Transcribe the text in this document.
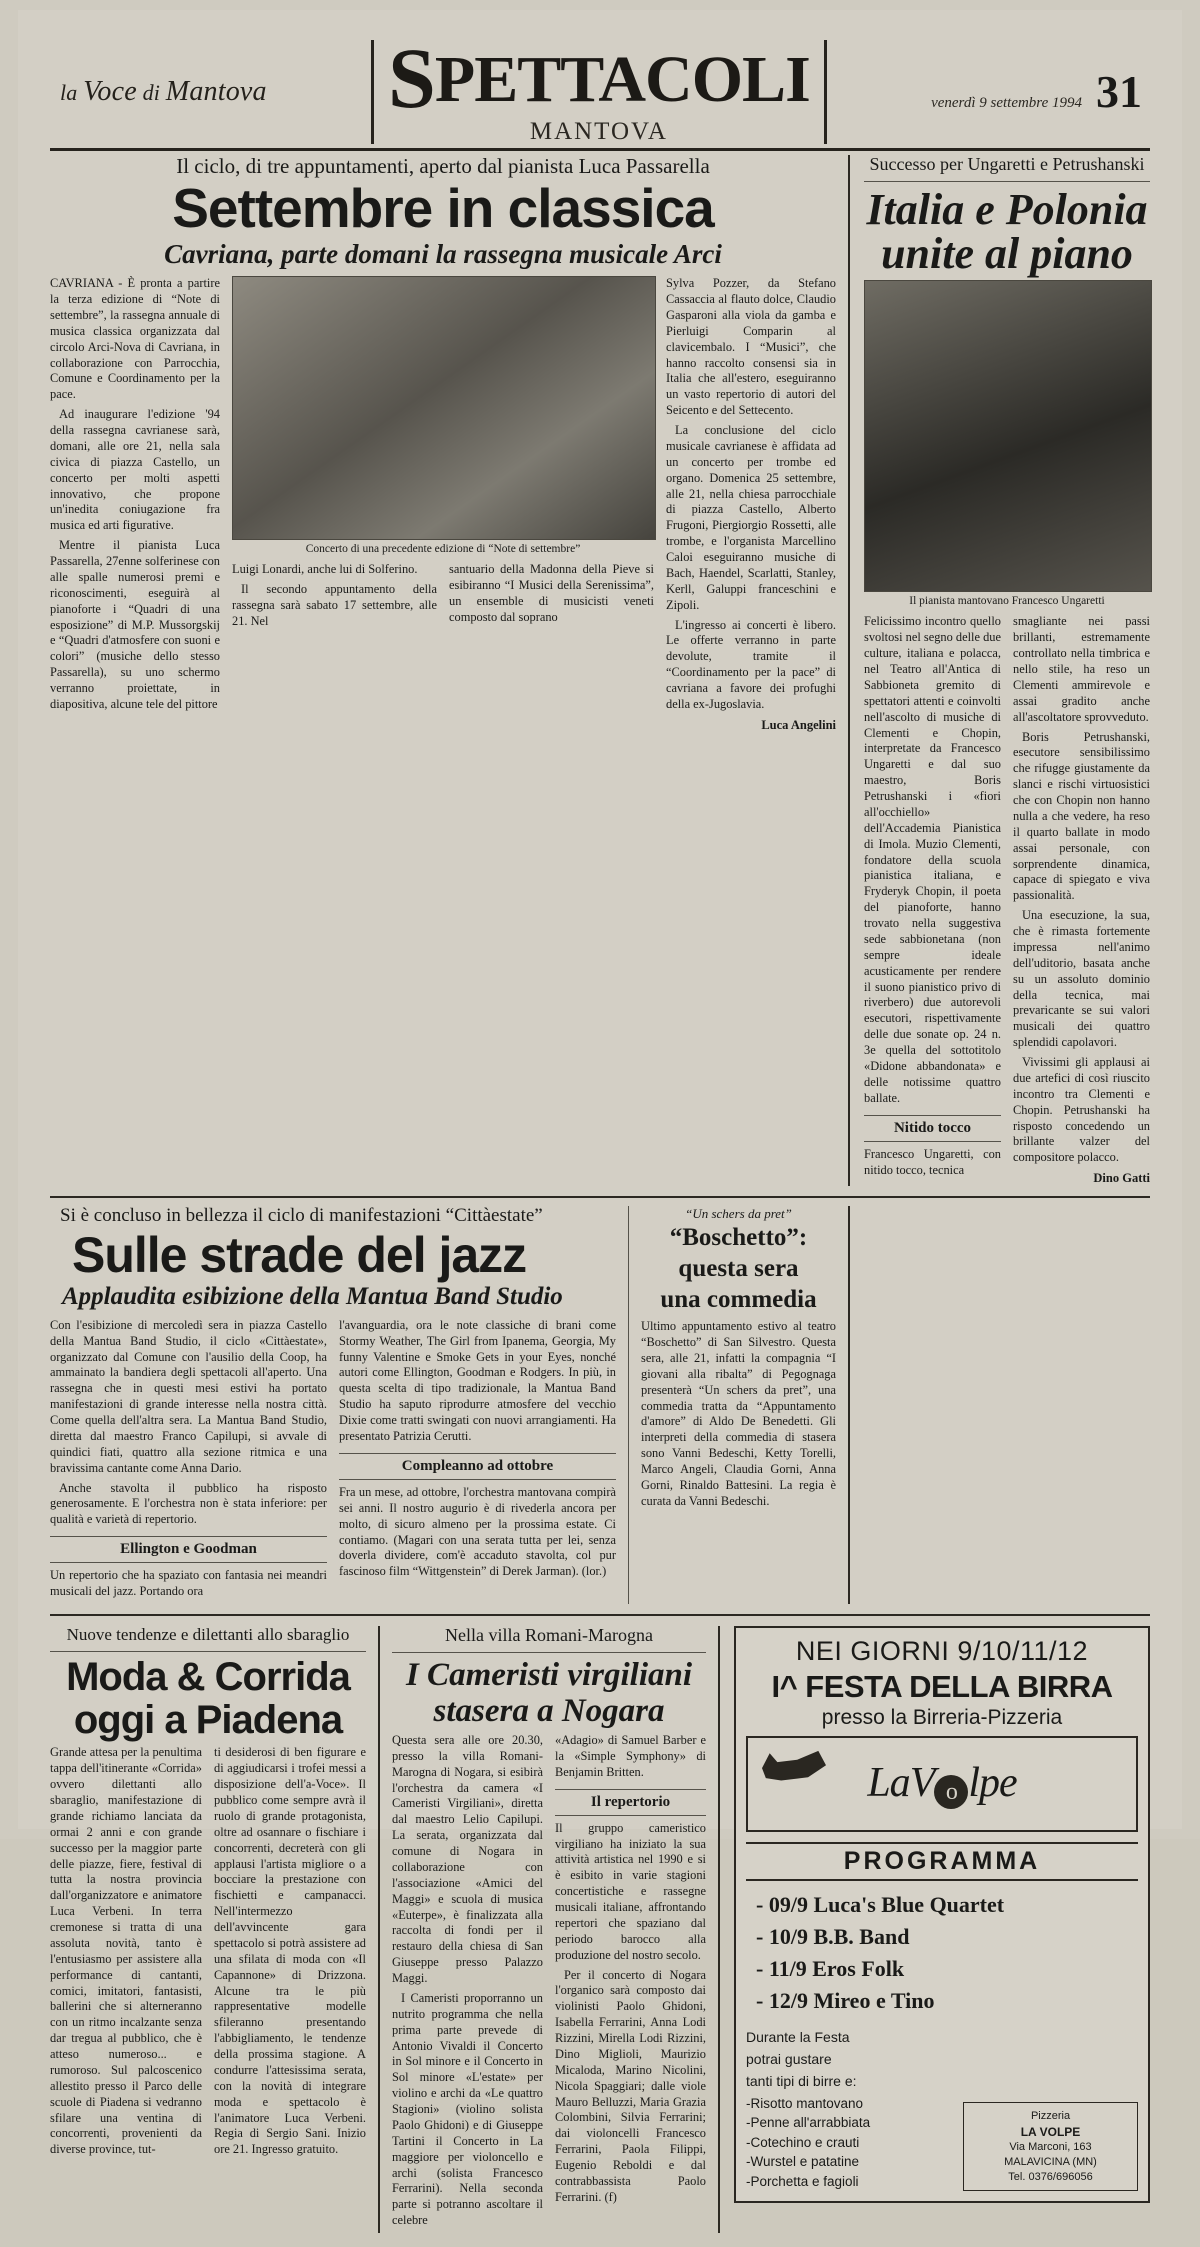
la Voce di Mantova SPETTACOLI
MANTOVA
venerdì 9 settembre 1994 31
Il ciclo, di tre appuntamenti, aperto dal pianista Luca Passarella
Settembre in classica
Cavriana, parte domani la rassegna musicale Arci

CAVRIANA - È pronta a partire la terza edizione di “Note di settembre”, la rassegna annuale di musica classica organizzata dal circolo Arci-Nova di Cavriana, in collaborazione con Parrocchia, Comune e Coordinamento per la pace.

Ad inaugurare l'edizione '94 della rassegna cavrianese sarà, domani, alle ore 21, nella sala civica di piazza Castello, un concerto per molti aspetti innovativo, che propone un'inedita coniugazione fra musica ed arti figurative.

Mentre il pianista Luca Passarella, 27enne solferinese con alle spalle numerosi premi e riconoscimenti, eseguirà al pianoforte i “Quadri di una esposizione” di M.P. Mussorgskij e “Quadri d'atmosfere con suoni e colori” (musiche dello stesso Passarella), su uno schermo verranno proiettate, in diapositiva, alcune tele del pittore

Concerto di una precedente edizione di “Note di settembre”

Luigi Lonardi, anche lui di Solferino.

Il secondo appuntamento della rassegna sarà sabato 17 settembre, alle 21. Nel

santuario della Madonna della Pieve si esibiranno “I Musici della Serenissima”, un ensemble di musicisti veneti composto dal soprano

Sylva Pozzer, da Stefano Cassaccia al flauto dolce, Claudio Gasparoni alla viola da gamba e Pierluigi Comparin al clavicembalo. I “Musici”, che hanno raccolto consensi sia in Italia che all'estero, eseguiranno un vasto repertorio di autori del Seicento e del Settecento.

La conclusione del ciclo musicale cavrianese è affidata ad un concerto per trombe ed organo. Domenica 25 settembre, alle 21, nella chiesa parrocchiale di piazza Castello, Alberto Frugoni, Piergiorgio Rossetti, alle trombe, e l'organista Marcellino Caloi eseguiranno musiche di Bach, Haendel, Scarlatti, Stanley, Kerll, Galuppi franceschini e Zipoli.

L'ingresso ai concerti è libero. Le offerte verranno in parte devolute, tramite il “Coordinamento per la pace” di cavriana a favore dei profughi della ex-Jugoslavia.

Luca Angelini
Successo per Ungaretti e Petrushanski
Italia e Polonia
unite al piano
Il pianista mantovano Francesco Ungaretti

Felicissimo incontro quello svoltosi nel segno delle due culture, italiana e polacca, nel Teatro all'Antica di Sabbioneta gremito di spettatori attenti e coinvolti nell'ascolto di musiche di Clementi e Chopin, interpretate da Francesco Ungaretti e dal suo maestro, Boris Petrushanski i «fiori all'occhiello» dell'Accademia Pianistica di Imola. Muzio Clementi, fondatore della scuola pianistica italiana, e Fryderyk Chopin, il poeta del pianoforte, hanno trovato nella suggestiva sede sabbionetana (non sempre ideale acusticamente per rendere il suono pianistico privo di riverbero) due autorevoli esecutori, rispettivamente delle due sonate op. 24 n. 3e quella del sottotitolo «Didone abbandonata» e delle notissime quattro ballate.

Nitido tocco

Francesco Ungaretti, con nitido tocco, tecnica

smagliante nei passi brillanti, estremamente controllato nella timbrica e nello stile, ha reso un Clementi ammirevole e assai gradito anche all'ascoltatore sprovveduto.

Boris Petrushanski, esecutore sensibilissimo che rifugge giustamente da slanci e rischi virtuosistici che con Chopin non hanno nulla a che vedere, ha reso il quarto ballate in modo assai personale, con sorprendente dinamica, capace di spiegato e viva passionalità.

Una esecuzione, la sua, che è rimasta fortemente impressa nell'animo dell'uditorio, basata anche su un assoluto dominio della tecnica, mai prevaricante se sui valori musicali dei quattro splendidi capolavori.

Vivissimi gli applausi ai due artefici di così riuscito incontro tra Clementi e Chopin. Petrushanski ha risposto concedendo un brillante valzer del compositore polacco.

Dino Gatti
Si è concluso in bellezza il ciclo di manifestazioni “Cittàestate”
Sulle strade del jazz
Applaudita esibizione della Mantua Band Studio

Con l'esibizione di mercoledì sera in piazza Castello della Mantua Band Studio, il ciclo «Cittàestate», organizzato dal Comune con l'ausilio della Coop, ha ammainato la bandiera degli spettacoli all'aperto. Una rassegna che in questi mesi estivi ha portato manifestazioni di grande interesse nella nostra città. Come quella dell'altra sera. La Mantua Band Studio, diretta dal maestro Franco Capilupi, si avvale di quindici fiati, quattro alla sezione ritmica e una bravissima cantante come Anna Dario.

Anche stavolta il pubblico ha risposto generosamente. E l'orchestra non è stata inferiore: per qualità e varietà di repertorio.

Ellington e Goodman

Un repertorio che ha spaziato con fantasia nei meandri musicali del jazz. Portando ora

l'avanguardia, ora le note classiche di brani come Stormy Weather, The Girl from Ipanema, Georgia, My funny Valentine e Smoke Gets in your Eyes, nonché autori come Ellington, Goodman e Rodgers. In più, in questa scelta di tipo tradizionale, la Mantua Band Studio ha saputo riprodurre atmosfere del vecchio Dixie come tratti swingati con nuovi arrangiamenti. Ha presentato Patrizia Cerutti.

Compleanno ad ottobre

Fra un mese, ad ottobre, l'orchestra mantovana compirà sei anni. Il nostro augurio è di rivederla ancora per molto, di sicuro almeno per la prossima estate. Ci contiamo. (Magari con una serata tutta per lei, senza doverla dividere, com'è accaduto stavolta, col pur fascinoso film “Wittgenstein” di Derek Jarman). (lor.)

“Un schers da pret”
“Boschetto”:
questa sera
una commedia

Ultimo appuntamento estivo al teatro “Boschetto” di San Silvestro. Questa sera, alle 21, infatti la compagnia “I giovani alla ribalta” di Pegognaga presenterà “Un schers da pret”, una commedia tratta da “Appuntamento d'amore” di Aldo De Benedetti. Gli interpreti della commedia di stasera sono Vanni Bedeschi, Ketty Torelli, Marco Angeli, Claudia Gorni, Anna Gorni, Rinaldo Battesini. La regia è curata da Vanni Bedeschi.

Nuove tendenze e dilettanti allo sbaraglio
Moda & Corrida
oggi a Piadena

Grande attesa per la penultima tappa dell'itinerante «Corrida» ovvero dilettanti allo sbaraglio, manifestazione di grande richiamo lanciata da ormai 2 anni e con grande successo per la maggior parte delle piazze, fiere, festival di tutta la nostra provincia dall'organizzatore e animatore Luca Verbeni. In terra cremonese si tratta di una assoluta novità, tanto è l'entusiasmo per assistere alla performance di cantanti, comici, imitatori, fantasisti, ballerini che si alterneranno con un ritmo incalzante senza dar tregua al pubblico, che è atteso numeroso... e rumoroso. Sul palcoscenico allestito presso il Parco delle scuole di Piadena si vedranno sfilare una ventina di concorrenti, provenienti da diverse province, tut-

ti desiderosi di ben figurare e di aggiudicarsi i trofei messi a disposizione dell'a-Voce». Il pubblico come sempre avrà il ruolo di grande protagonista, oltre ad osannare o fischiare i concorrenti, decreterà con gli applausi l'artista migliore o a bocciare la prestazione con fischietti e campanacci. Nell'intermezzo dell'avvincente gara spettacolo si potrà assistere ad una sfilata di moda con «Il Capannone» di Drizzona. Alcune tra le più rappresentative modelle sfileranno presentando l'abbigliamento, le tendenze della prossima stagione. A condurre l'attesissima serata, con la novità di integrare moda e spettacolo è l'animatore Luca Verbeni. Regia di Sergio Sani. Inizio ore 21. Ingresso gratuito.

Nella villa Romani-Marogna
I Cameristi virgiliani
stasera a Nogara

Questa sera alle ore 20.30, presso la villa Romani-Marogna di Nogara, si esibirà l'orchestra da camera «I Cameristi Virgiliani», diretta dal maestro Lelio Capilupi. La serata, organizzata dal comune di Nogara in collaborazione con l'associazione «Amici del Maggi» e scuola di musica «Euterpe», è finalizzata alla raccolta di fondi per il restauro della chiesa di San Giuseppe presso Palazzo Maggi.

I Cameristi proporranno un nutrito programma che nella prima parte prevede di Antonio Vivaldi il Concerto in Sol minore e il Concerto in Sol minore «L'estate» per violino e archi da «Le quattro Stagioni» (violino solista Paolo Ghidoni) e di Giuseppe Tartini il Concerto in La maggiore per violoncello e archi (solista Francesco Ferrarini). Nella seconda parte si potranno ascoltare il celebre

«Adagio» di Samuel Barber e la «Simple Symphony» di Benjamin Britten.

Il repertorio

Il gruppo cameristico virgiliano ha iniziato la sua attività artistica nel 1990 e si è esibito in varie stagioni concertistiche e rassegne musicali italiane, affrontando repertori che spaziano dal periodo barocco alla produzione del nostro secolo.

Per il concerto di Nogara l'organico sarà composto dai violinisti Paolo Ghidoni, Isabella Ferrarini, Anna Lodi Rizzini, Mirella Lodi Rizzini, Dino Miglioli, Maurizio Micaloda, Marino Nicolini, Nicola Spaggiari; dalle viole Mauro Belluzzi, Maria Grazia Colombini, Silvia Ferrarini; dai violoncelli Francesco Ferrarini, Paola Filippi, Eugenio Reboldi e dal contrabbassista Paolo Ferrarini. (f)

NEI GIORNI 9/10/11/12
I^ FESTA DELLA BIRRA
presso la Birreria-Pizzeria
LaV o lpe
PROGRAMMA
- 09/9 Luca's Blue Quartet
- 10/9 B.B. Band
- 11/9 Eros Folk
- 12/9 Mireo e Tino
Durante la Festa
potrai gustare
tanti tipi di birre e:
-Risotto mantovano
-Penne all'arrabbiata
-Cotechino e crauti
-Wurstel e patatine
-Porchetta e fagioli
Pizzeria
LA VOLPE
Via Marconi, 163
MALAVICINA (MN)
Tel. 0376/696056
